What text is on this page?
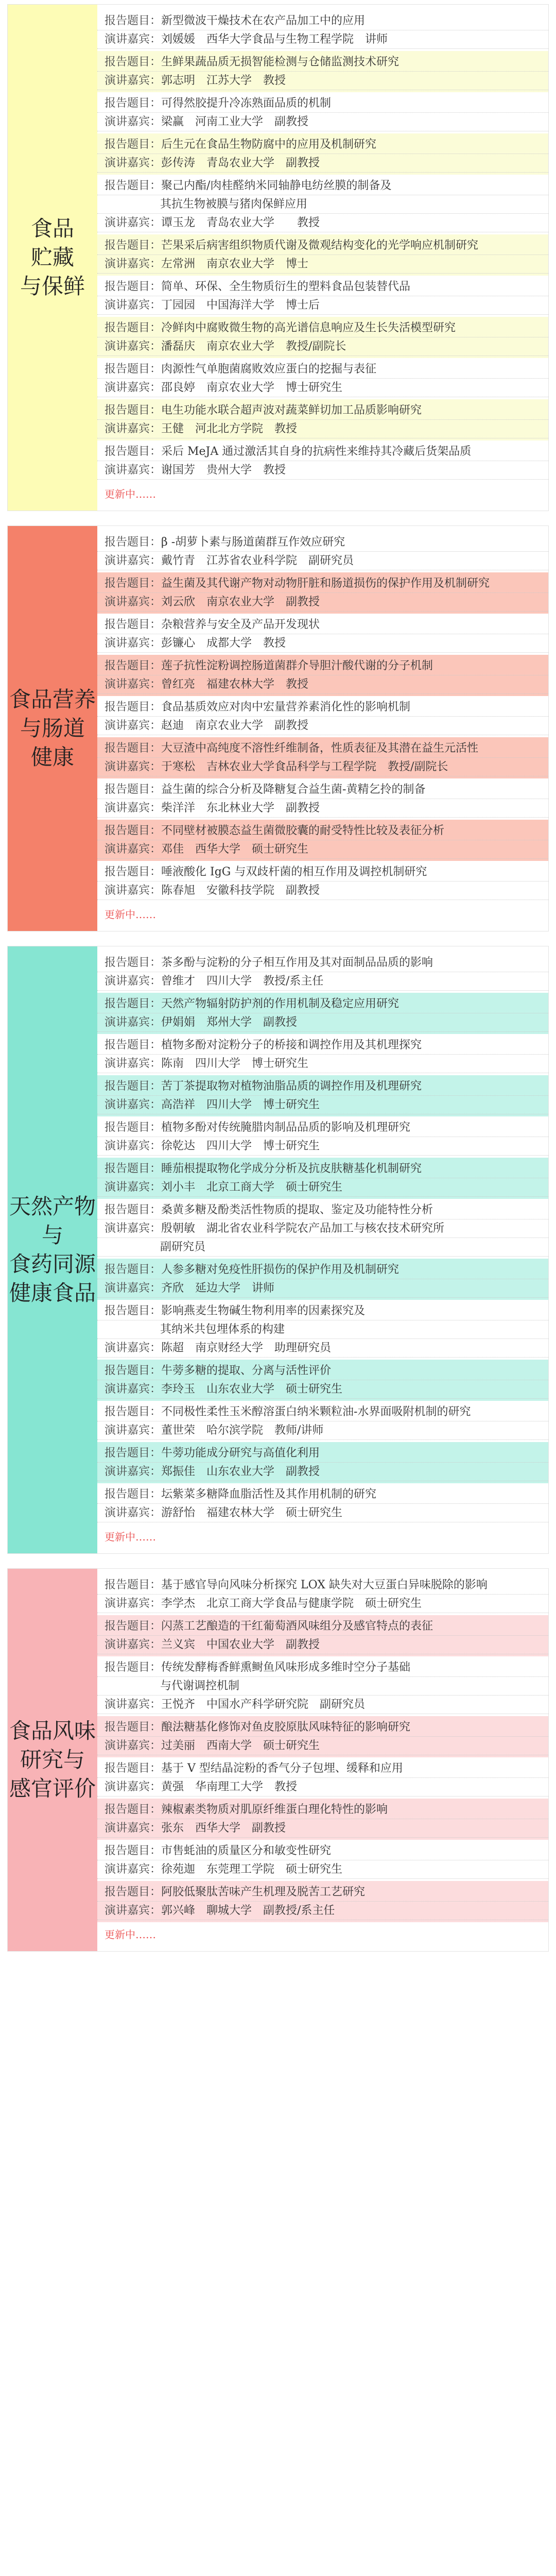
食品
贮藏
与保鲜
报告题目： 新型微波干燥技术在农产品加工中的应用
演讲嘉宾： 刘媛媛　西华大学食品与生物工程学院　讲师
报告题目： 生鲜果蔬品质无损智能检测与仓储监测技术研究
演讲嘉宾： 郭志明　江苏大学　教授
报告题目： 可得然胶提升冷冻熟面品质的机制
演讲嘉宾： 梁赢　河南工业大学　副教授
报告题目： 后生元在食品生物防腐中的应用及机制研究
演讲嘉宾： 彭传涛　青岛农业大学　副教授
报告题目： 聚己内酯/肉桂醛纳米同轴静电纺丝膜的制备及
其抗生物被膜与猪肉保鲜应用
演讲嘉宾： 谭玉龙　青岛农业大学　　教授
报告题目： 芒果采后病害组织物质代谢及微观结构变化的光学响应机制研究
演讲嘉宾： 左常洲　南京农业大学　博士
报告题目： 简单、环保、全生物质衍生的塑料食品包装替代品
演讲嘉宾： 丁园园　中国海洋大学　博士后
报告题目： 冷鲜肉中腐败微生物的高光谱信息响应及生长失活模型研究
演讲嘉宾： 潘磊庆　南京农业大学　教授/副院长
报告题目： 肉源性气单胞菌腐败效应蛋白的挖掘与表征
演讲嘉宾： 邵良婷　南京农业大学　博士研究生
报告题目： 电生功能水联合超声波对蔬菜鲜切加工品质影响研究
演讲嘉宾： 王健　河北北方学院　教授
报告题目： 采后 MeJA 通过激活其自身的抗病性来维持其冷藏后货架品质
演讲嘉宾： 谢国芳　贵州大学　教授
更新中……
食品营养
与肠道
健康
报告题目： β -胡萝卜素与肠道菌群互作效应研究
演讲嘉宾： 戴竹青　江苏省农业科学院　副研究员
报告题目： 益生菌及其代谢产物对动物肝脏和肠道损伤的保护作用及机制研究
演讲嘉宾： 刘云欣　南京农业大学　副教授
报告题目： 杂粮营养与安全及产品开发现状
演讲嘉宾： 彭镰心　成都大学　教授
报告题目： 莲子抗性淀粉调控肠道菌群介导胆汁酸代谢的分子机制
演讲嘉宾： 曾红亮　福建农林大学　教授
报告题目： 食品基质效应对肉中宏量营养素消化性的影响机制
演讲嘉宾： 赵迪　南京农业大学　副教授
报告题目： 大豆渣中高纯度不溶性纤维制备，性质表征及其潜在益生元活性
演讲嘉宾： 于寒松　吉林农业大学食品科学与工程学院　教授/副院长
报告题目： 益生菌的综合分析及降糖复合益生菌-黄精乞拎的制备
演讲嘉宾： 柴洋洋　东北林业大学　副教授
报告题目： 不同壁材被膜态益生菌微胶囊的耐受特性比较及表征分析
演讲嘉宾： 邓佳　西华大学　硕士研究生
报告题目： 唾液酸化 IgG 与双歧杆菌的相互作用及调控机制研究
演讲嘉宾： 陈春旭　安徽科技学院　副教授
更新中……
天然产物
与
食药同源
健康食品
报告题目： 茶多酚与淀粉的分子相互作用及其对面制品品质的影响
演讲嘉宾： 曾维才　四川大学　教授/系主任
报告题目： 天然产物辐射防护剂的作用机制及稳定应用研究
演讲嘉宾： 伊娟娟　郑州大学　副教授
报告题目： 植物多酚对淀粉分子的桥接和调控作用及其机理探究
演讲嘉宾： 陈南　四川大学　博士研究生
报告题目： 苦丁茶提取物对植物油脂品质的调控作用及机理研究
演讲嘉宾： 高浩祥　四川大学　博士研究生
报告题目： 植物多酚对传统腌腊肉制品品质的影响及机理研究
演讲嘉宾： 徐乾达　四川大学　博士研究生
报告题目： 睡茄根提取物化学成分分析及抗皮肤糖基化机制研究
演讲嘉宾： 刘小丰　北京工商大学　硕士研究生
报告题目： 桑黄多糖及酚类活性物质的提取、鉴定及功能特性分析
演讲嘉宾： 殷朝敏　湖北省农业科学院农产品加工与核农技术研究所
副研究员
报告题目： 人参多糖对免疫性肝损伤的保护作用及机制研究
演讲嘉宾： 齐欣　延边大学　讲师
报告题目： 影响燕麦生物碱生物利用率的因素探究及
其纳米共包埋体系的构建
演讲嘉宾： 陈超　南京财经大学　助理研究员
报告题目： 牛蒡多糖的提取、分离与活性评价
演讲嘉宾： 李玲玉　山东农业大学　硕士研究生
报告题目： 不同极性柔性玉米醇溶蛋白纳米颗粒油-水界面吸附机制的研究
演讲嘉宾： 董世荣　哈尔滨学院　教师/讲师
报告题目： 牛蒡功能成分研究与高值化利用
演讲嘉宾： 郑振佳　山东农业大学　副教授
报告题目： 坛紫菜多糖降血脂活性及其作用机制的研究
演讲嘉宾： 游舒怡　福建农林大学　硕士研究生
更新中……
食品风味
研究与
感官评价
报告题目： 基于感官导向风味分析探究 LOX 缺失对大豆蛋白异味脱除的影响
演讲嘉宾： 李学杰　北京工商大学食品与健康学院　硕士研究生
报告题目： 闪蒸工艺酿造的干红葡萄酒风味组分及感官特点的表征
演讲嘉宾： 兰义宾　中国农业大学　副教授
报告题目： 传统发酵梅香鲜熏鲥鱼风味形成多维时空分子基础
与代谢调控机制
演讲嘉宾： 王悦齐　中国水产科学研究院　副研究员
报告题目： 酿法糖基化修饰对鱼皮胶原肽风味特征的影响研究
演讲嘉宾： 过美丽　西南大学　硕士研究生
报告题目： 基于 V 型结晶淀粉的香气分子包埋、缓释和应用
演讲嘉宾： 黄强　华南理工大学　教授
报告题目： 辣椒素类物质对肌原纤维蛋白理化特性的影响
演讲嘉宾： 张东　西华大学　副教授
报告题目： 市售蚝油的质量区分和敏变性研究
演讲嘉宾： 徐苑迦　东莞理工学院　硕士研究生
报告题目： 阿胶低聚肽苦味产生机理及脱苦工艺研究
演讲嘉宾： 郭兴峰　聊城大学　副教授/系主任
更新中……
